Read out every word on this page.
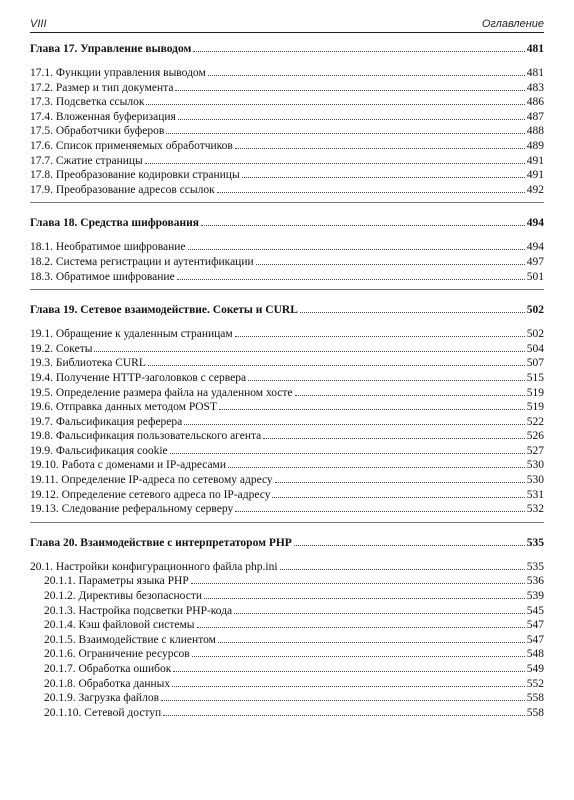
VIII	Оглавление
Глава 17. Управление выводом	481
17.1. Функции управления выводом	481
17.2. Размер и тип документа	483
17.3. Подсветка ссылок	486
17.4. Вложенная буферизация	487
17.5. Обработчики буферов	488
17.6. Список применяемых обработчиков	489
17.7. Сжатие страницы	491
17.8. Преобразование кодировки страницы	491
17.9. Преобразование адресов ссылок	492
Глава 18. Средства шифрования	494
18.1. Необратимое шифрование	494
18.2. Система регистрации и аутентификации	497
18.3. Обратимое шифрование	501
Глава 19. Сетевое взаимодействие. Сокеты и CURL	502
19.1. Обращение к удаленным страницам	502
19.2. Сокеты	504
19.3. Библиотека CURL	507
19.4. Получение HTTP-заголовков с сервера	515
19.5. Определение размера файла на удаленном хосте	519
19.6. Отправка данных методом POST	519
19.7. Фальсификация реферера	522
19.8. Фальсификация пользовательского агента	526
19.9. Фальсификация cookie	527
19.10. Работа с доменами и IP-адресами	530
19.11. Определение IP-адреса по сетевому адресу	530
19.12. Определение сетевого адреса по IP-адресу	531
19.13. Следование реферальному серверу	532
Глава 20. Взаимодействие с интерпретатором PHP	535
20.1. Настройки конфигурационного файла php.ini	535
20.1.1. Параметры языка PHP	536
20.1.2. Директивы безопасности	539
20.1.3. Настройка подсветки PHP-кода	545
20.1.4. Кэш файловой системы	547
20.1.5. Взаимодействие с клиентом	547
20.1.6. Ограничение ресурсов	548
20.1.7. Обработка ошибок	549
20.1.8. Обработка данных	552
20.1.9. Загрузка файлов	558
20.1.10. Сетевой доступ	558
